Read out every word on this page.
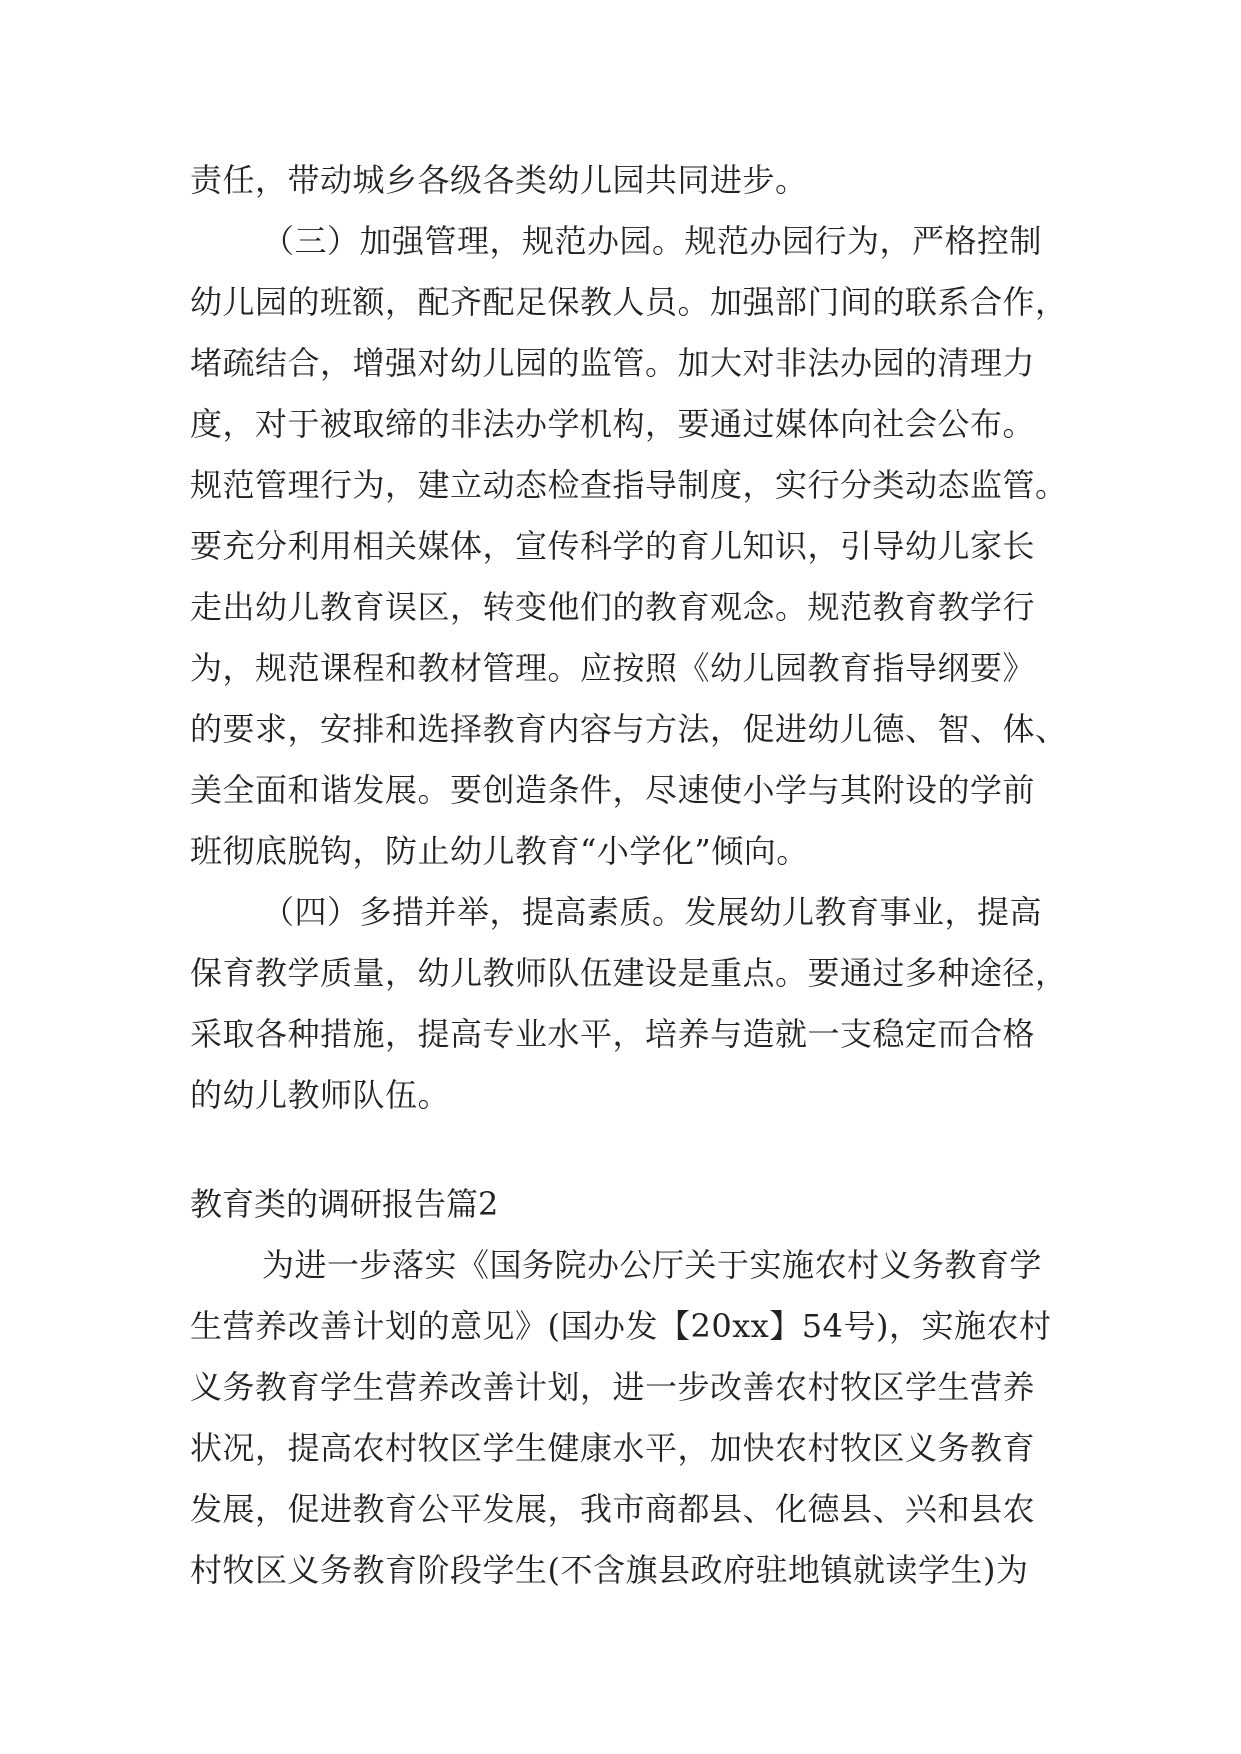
责任，带动城乡各级各类幼儿园共同进步。
（三）加强管理，规范办园。规范办园行为，严格控制
幼儿园的班额，配齐配足保教人员。加强部门间的联系合作，
堵疏结合，增强对幼儿园的监管。加大对非法办园的清理力
度，对于被取缔的非法办学机构，要通过媒体向社会公布。
规范管理行为，建立动态检查指导制度，实行分类动态监管。
要充分利用相关媒体，宣传科学的育儿知识，引导幼儿家长
走出幼儿教育误区，转变他们的教育观念。规范教育教学行
为，规范课程和教材管理。应按照《幼儿园教育指导纲要》
的要求，安排和选择教育内容与方法，促进幼儿德、智、体、
美全面和谐发展。要创造条件，尽速使小学与其附设的学前
班彻底脱钩，防止幼儿教育“小学化”倾向。
（四）多措并举，提高素质。发展幼儿教育事业，提高
保育教学质量，幼儿教师队伍建设是重点。要通过多种途径，
采取各种措施，提高专业水平，培养与造就一支稳定而合格
的幼儿教师队伍。
教育类的调研报告篇2
为进一步落实《国务院办公厅关于实施农村义务教育学
生营养改善计划的意见》(国办发【20xx】54号)，实施农村
义务教育学生营养改善计划，进一步改善农村牧区学生营养
状况，提高农村牧区学生健康水平，加快农村牧区义务教育
发展，促进教育公平发展，我市商都县、化德县、兴和县农
村牧区义务教育阶段学生(不含旗县政府驻地镇就读学生)为
